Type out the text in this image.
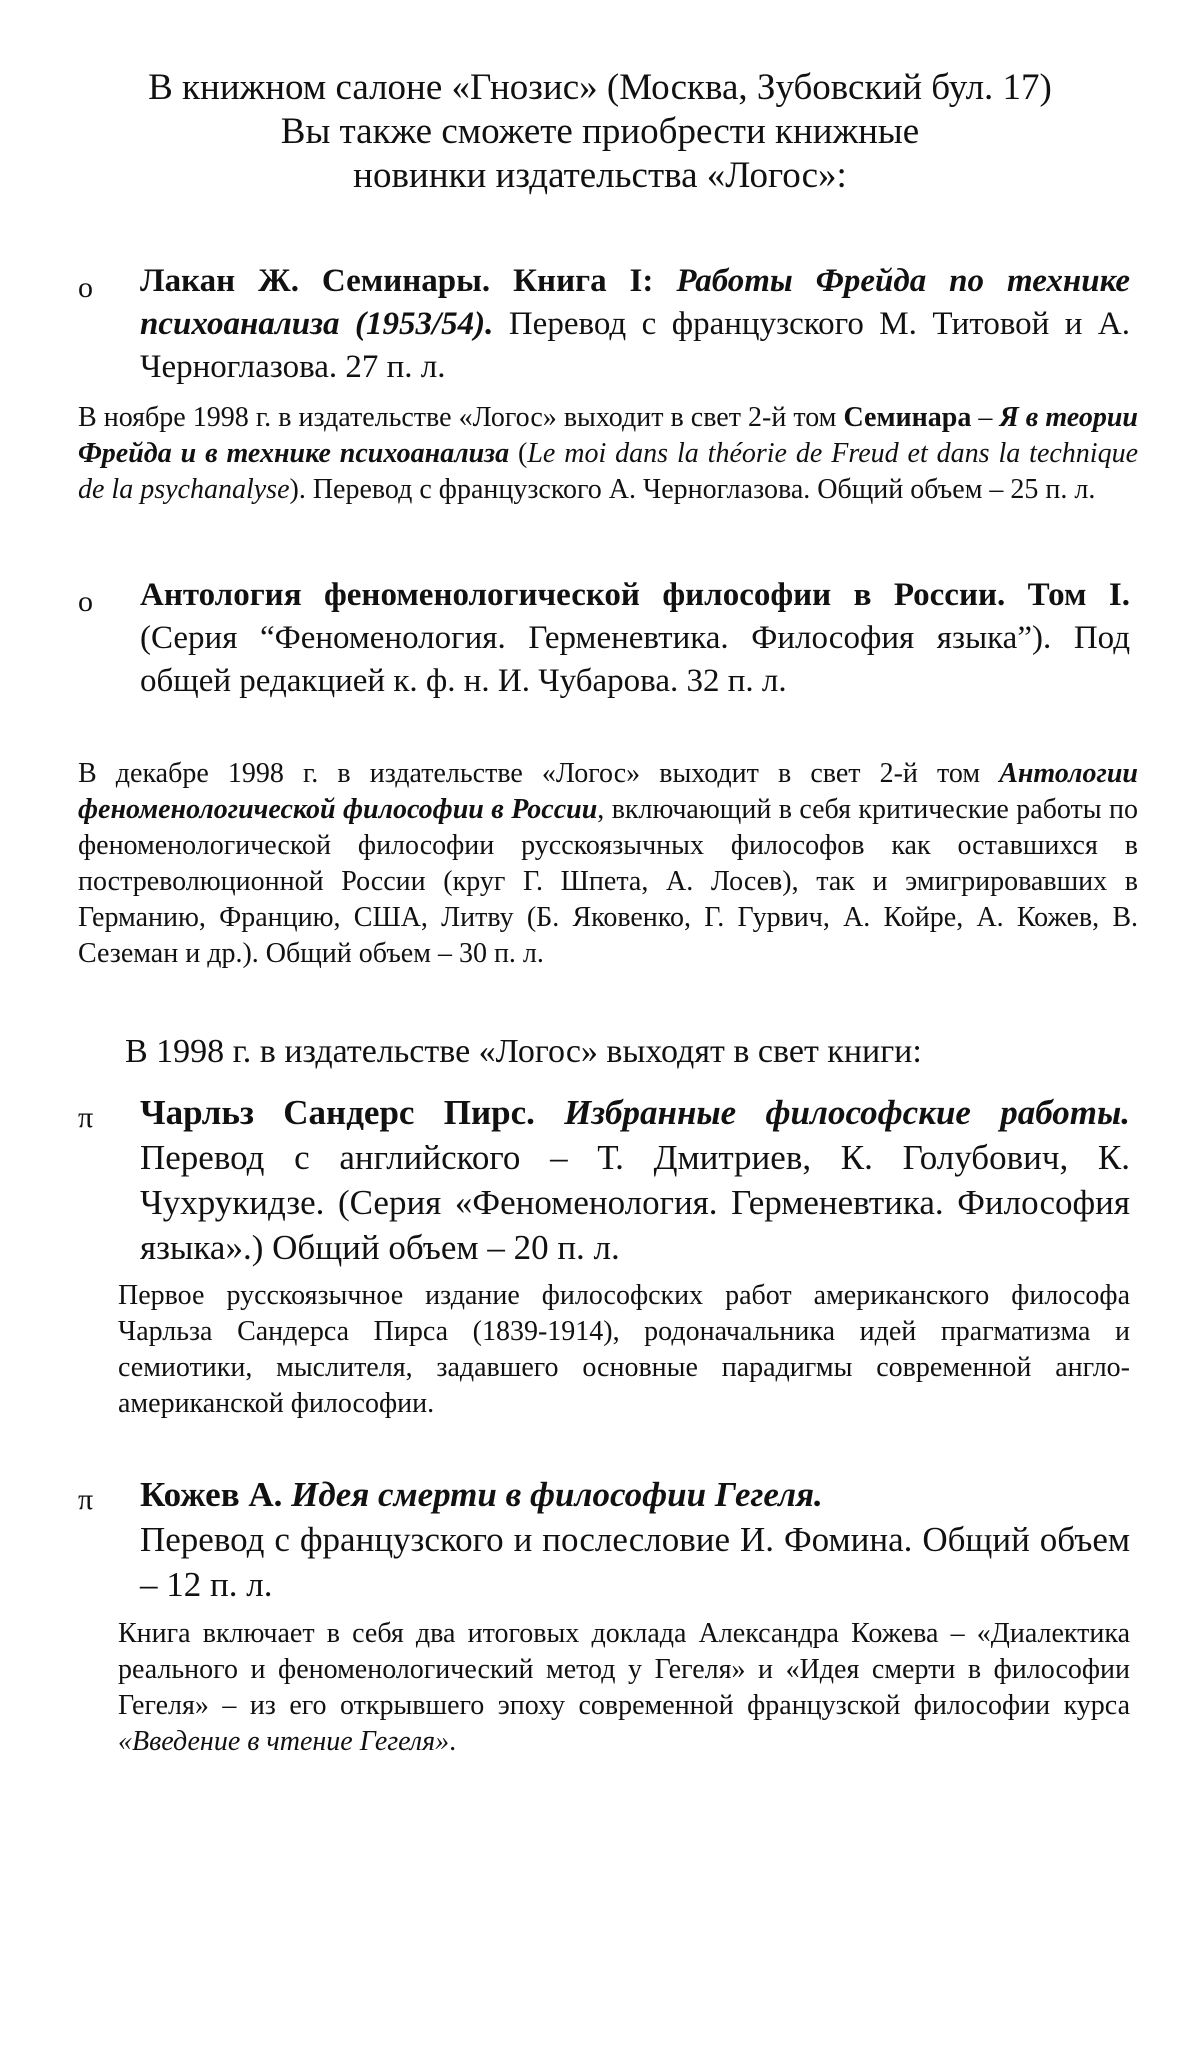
В книжном салоне «Гнозис» (Москва, Зубовский бул. 17)
Вы также сможете приобрести книжные
новинки издательства «Логос»:
o Лакан Ж. Семинары. Книга I: Работы Фрейда по технике психоанализа (1953/54). Перевод с французского М. Титовой и А. Черноглазова. 27 п. л.
В ноябре 1998 г. в издательстве «Логос» выходит в свет 2-й том Семинара – Я в теории Фрейда и в технике психоанализа (Le moi dans la théorie de Freud et dans la technique de la psychanalyse). Перевод с французского А. Черноглазова. Общий объем – 25 п. л.
o Антология феноменологической философии в России. Том I. (Серия “Феноменология. Герменевтика. Философия языка”). Под общей редакцией к. ф. н. И. Чубарова. 32 п. л.
В декабре 1998 г. в издательстве «Логос» выходит в свет 2-й том Антологии феноменологической философии в России, включающий в себя критические работы по феноменологической философии русскоязычных философов как оставшихся в постреволюционной России (круг Г. Шпета, А. Лосев), так и эмигрировавших в Германию, Францию, США, Литву (Б. Яковенко, Г. Гурвич, А. Койре, А. Кожев, В. Сеземан и др.). Общий объем – 30 п. л.
В 1998 г. в издательстве «Логос» выходят в свет книги:
π Чарльз Сандерс Пирс. Избранные философские работы. Перевод с английского – Т. Дмитриев, К. Голубович, К. Чухрукидзе. (Серия «Феноменология. Герменевтика. Философия языка».) Общий объем – 20 п. л.
Первое русскоязычное издание философских работ американского философа Чарльза Сандерса Пирса (1839-1914), родоначальника идей прагматизма и семиотики, мыслителя, задавшего основные парадигмы современной англо-американской философии.
π Кожев А. Идея смерти в философии Гегеля.
Перевод с французского и послесловие И. Фомина. Общий объем – 12 п. л.
Книга включает в себя два итоговых доклада Александра Кожева – «Диалектика реального и феноменологический метод у Гегеля» и «Идея смерти в философии Гегеля» – из его открывшего эпоху современной французской философии курса «Введение в чтение Гегеля».
